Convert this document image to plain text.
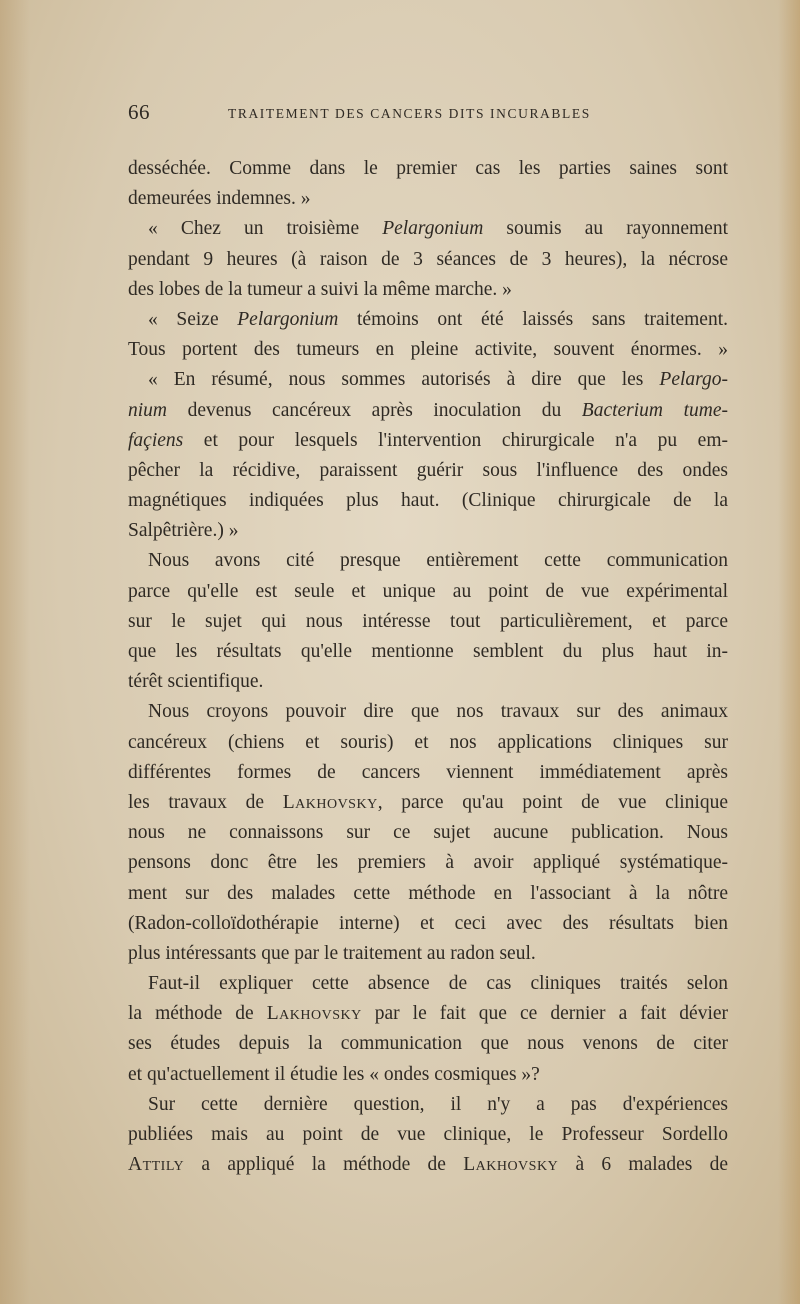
66	TRAITEMENT DES CANCERS DITS INCURABLES
desséchée. Comme dans le premier cas les parties saines sont
demeurées indemnes. »
« Chez un troisième Pelargonium soumis au rayonnement
pendant 9 heures (à raison de 3 séances de 3 heures), la nécrose
des lobes de la tumeur a suivi la même marche. »
« Seize Pelargonium témoins ont été laissés sans traitement.
Tous portent des tumeurs en pleine activite, souvent énormes. »
« En résumé, nous sommes autorisés à dire que les Pelargo-
nium devenus cancéreux après inoculation du Bacterium tume-
façiens et pour lesquels l'intervention chirurgicale n'a pu em-
pêcher la récidive, paraissent guérir sous l'influence des ondes
magnétiques indiquées plus haut. (Clinique chirurgicale de la
Salpêtrière.) »
Nous avons cité presque entièrement cette communication
parce qu'elle est seule et unique au point de vue expérimental
sur le sujet qui nous intéresse tout particulièrement, et parce
que les résultats qu'elle mentionne semblent du plus haut in-
térêt scientifique.
Nous croyons pouvoir dire que nos travaux sur des animaux
cancéreux (chiens et souris) et nos applications cliniques sur
différentes formes de cancers viennent immédiatement après
les travaux de Lakhovsky, parce qu'au point de vue clinique
nous ne connaissons sur ce sujet aucune publication. Nous
pensons donc être les premiers à avoir appliqué systématique-
ment sur des malades cette méthode en l'associant à la nôtre
(Radon-colloïdothérapie interne) et ceci avec des résultats bien
plus intéressants que par le traitement au radon seul.
Faut-il expliquer cette absence de cas cliniques traités selon
la méthode de Lakhovsky par le fait que ce dernier a fait dévier
ses études depuis la communication que nous venons de citer
et qu'actuellement il étudie les « ondes cosmiques »?
Sur cette dernière question, il n'y a pas d'expériences
publiées mais au point de vue clinique, le Professeur Sordello
Attily a appliqué la méthode de Lakhovsky à 6 malades de
